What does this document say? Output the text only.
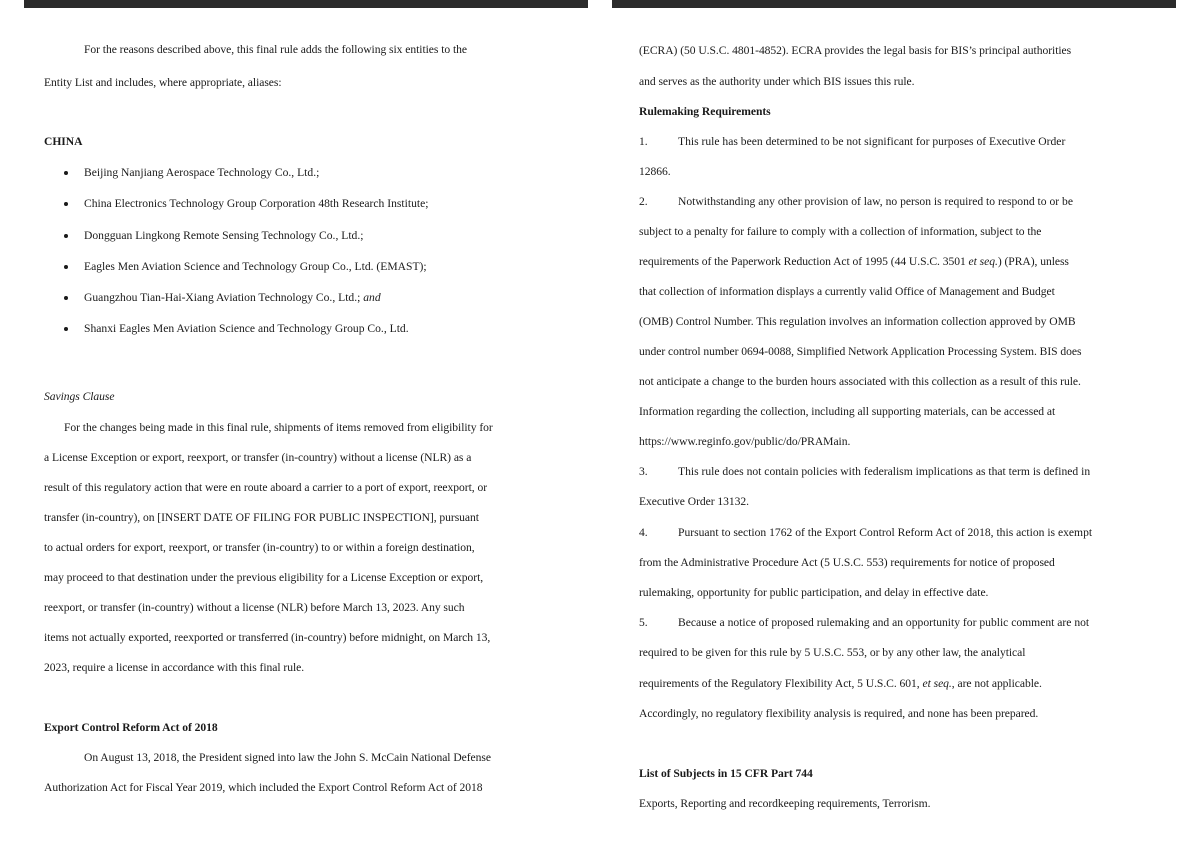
For the reasons described above, this final rule adds the following six entities to the
Entity List and includes, where appropriate, aliases:
CHINA
Beijing Nanjiang Aerospace Technology Co., Ltd.;
China Electronics Technology Group Corporation 48th Research Institute;
Dongguan Lingkong Remote Sensing Technology Co., Ltd.;
Eagles Men Aviation Science and Technology Group Co., Ltd. (EMAST);
Guangzhou Tian-Hai-Xiang Aviation Technology Co., Ltd.; and
Shanxi Eagles Men Aviation Science and Technology Group Co., Ltd.
Savings Clause
For the changes being made in this final rule, shipments of items removed from eligibility for
a License Exception or export, reexport, or transfer (in-country) without a license (NLR) as a
result of this regulatory action that were en route aboard a carrier to a port of export, reexport, or
transfer (in-country), on [INSERT DATE OF FILING FOR PUBLIC INSPECTION], pursuant
to actual orders for export, reexport, or transfer (in-country) to or within a foreign destination,
may proceed to that destination under the previous eligibility for a License Exception or export,
reexport, or transfer (in-country) without a license (NLR) before March 13, 2023. Any such
items not actually exported, reexported or transferred (in-country) before midnight, on March 13,
2023, require a license in accordance with this final rule.
Export Control Reform Act of 2018
On August 13, 2018, the President signed into law the John S. McCain National Defense
Authorization Act for Fiscal Year 2019, which included the Export Control Reform Act of 2018
(ECRA) (50 U.S.C. 4801-4852). ECRA provides the legal basis for BIS’s principal authorities
and serves as the authority under which BIS issues this rule.
Rulemaking Requirements
1.	This rule has been determined to be not significant for purposes of Executive Order
12866.
2.	Notwithstanding any other provision of law, no person is required to respond to or be
subject to a penalty for failure to comply with a collection of information, subject to the
requirements of the Paperwork Reduction Act of 1995 (44 U.S.C. 3501 et seq.) (PRA), unless
that collection of information displays a currently valid Office of Management and Budget
(OMB) Control Number. This regulation involves an information collection approved by OMB
under control number 0694-0088, Simplified Network Application Processing System. BIS does
not anticipate a change to the burden hours associated with this collection as a result of this rule.
Information regarding the collection, including all supporting materials, can be accessed at
https://www.reginfo.gov/public/do/PRAMain.
3.	This rule does not contain policies with federalism implications as that term is defined in
Executive Order 13132.
4.	Pursuant to section 1762 of the Export Control Reform Act of 2018, this action is exempt
from the Administrative Procedure Act (5 U.S.C. 553) requirements for notice of proposed
rulemaking, opportunity for public participation, and delay in effective date.
5.	Because a notice of proposed rulemaking and an opportunity for public comment are not
required to be given for this rule by 5 U.S.C. 553, or by any other law, the analytical
requirements of the Regulatory Flexibility Act, 5 U.S.C. 601, et seq., are not applicable.
Accordingly, no regulatory flexibility analysis is required, and none has been prepared.
List of Subjects in 15 CFR Part 744
Exports, Reporting and recordkeeping requirements, Terrorism.
